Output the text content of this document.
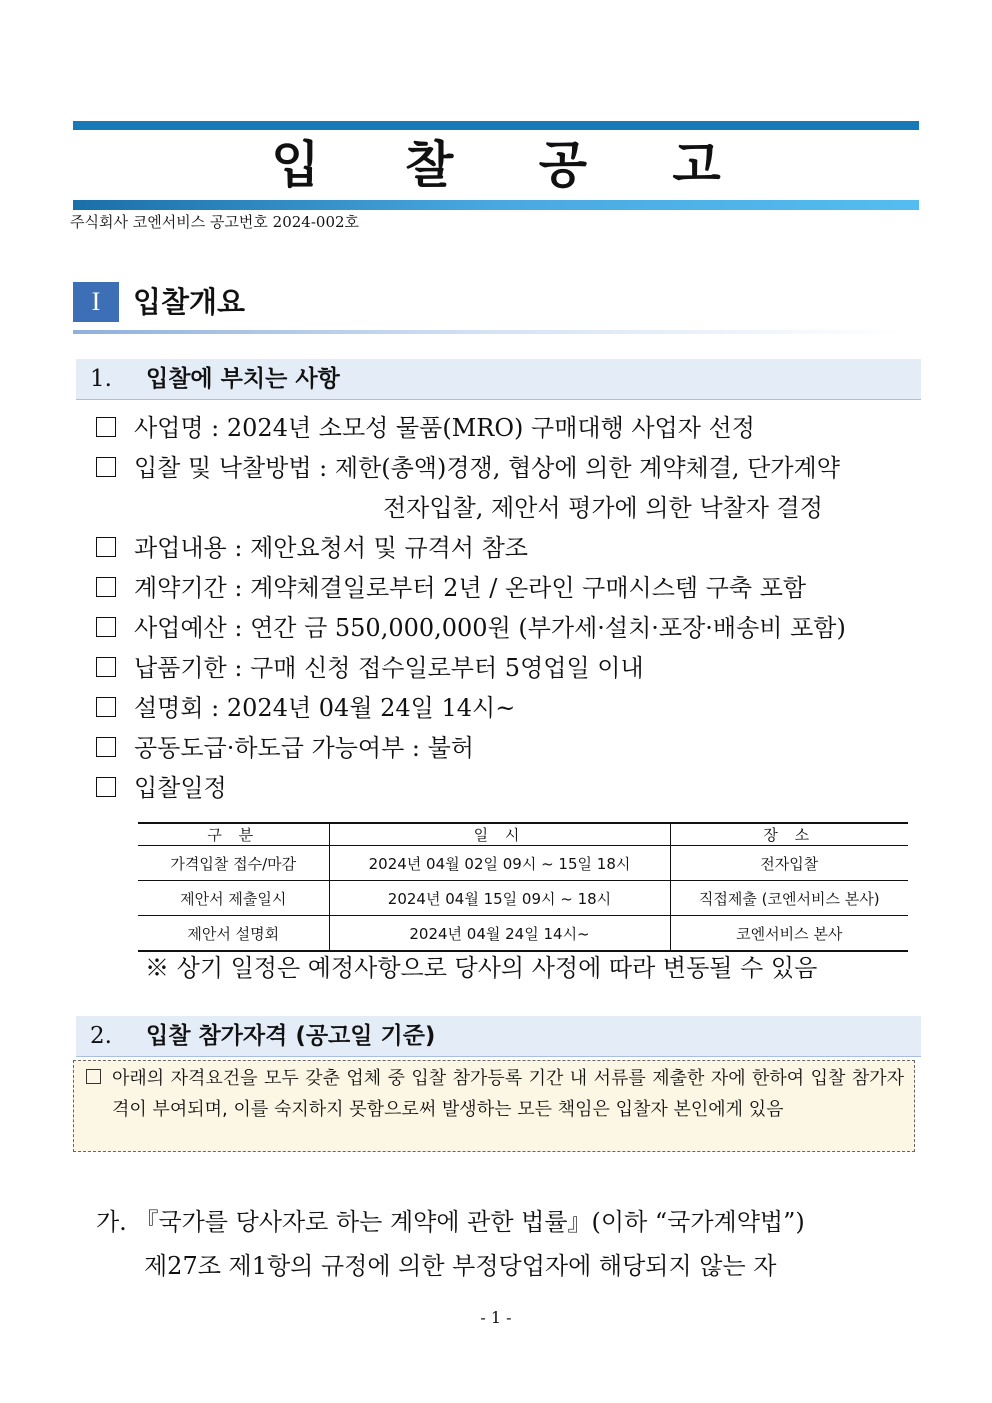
입 찰 공 고
주식회사 코엔서비스 공고번호 2024-002호
I	입찰개요
1. 입찰에 부치는 사항
사업명 : 2024년 소모성 물품(MRO) 구매대행 사업자 선정
입찰 및 낙찰방법 : 제한(총액)경쟁, 협상에 의한 계약체결, 단가계약
전자입찰, 제안서 평가에 의한 낙찰자 결정
과업내용 : 제안요청서 및 규격서 참조
계약기간 : 계약체결일로부터 2년 / 온라인 구매시스템 구축 포함
사업예산 : 연간 금 550,000,000원 (부가세·설치·포장·배송비 포함)
납품기한 : 구매 신청 접수일로부터 5영업일 이내
설명회 : 2024년 04월 24일 14시~
공동도급·하도급 가능여부 : 불허
입찰일정
구 분	일 시	장 소
가격입찰 접수/마감	2024년 04월 02일 09시 ~ 15일 18시	전자입찰
제안서 제출일시	2024년 04월 15일 09시 ~ 18시	직접제출 (코엔서비스 본사)
제안서 설명회	2024년 04월 24일 14시~	코엔서비스 본사
※ 상기 일정은 예정사항으로 당사의 사정에 따라 변동될 수 있음
2. 입찰 참가자격 (공고일 기준)
아래의 자격요건을 모두 갖춘 업체 중 입찰 참가등록 기간 내 서류를 제출한 자에 한하여 입찰 참가자격이 부여되며, 이를 숙지하지 못함으로써 발생하는 모든 책임은 입찰자 본인에게 있음
가. 『국가를 당사자로 하는 계약에 관한 법률』(이하 “국가계약법”)
제27조 제1항의 규정에 의한 부정당업자에 해당되지 않는 자
- 1 -
